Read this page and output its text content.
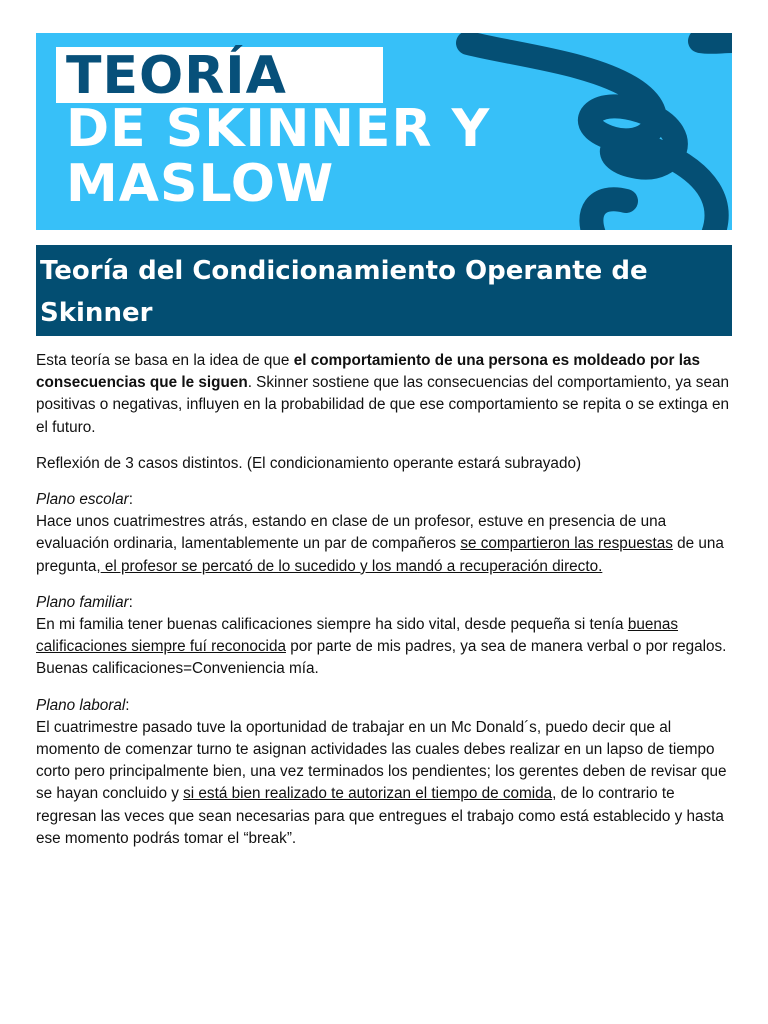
TEORÍA
DE SKINNER Y
MASLOW
Teoría del Condicionamiento Operante de Skinner

Esta teoría se basa en la idea de que el comportamiento de una persona es moldeado por las consecuencias que le siguen. Skinner sostiene que las consecuencias del comportamiento, ya sean positivas o negativas, influyen en la probabilidad de que ese comportamiento se repita o se extinga en el futuro.

Reflexión de 3 casos distintos. (El condicionamiento operante estará subrayado)

Plano escolar:
Hace unos cuatrimestres atrás, estando en clase de un profesor, estuve en presencia de una evaluación ordinaria, lamentablemente un par de compañeros se compartieron las respuestas de una pregunta, el profesor se percató de lo sucedido y los mandó a recuperación directo.

Plano familiar:
En mi familia tener buenas calificaciones siempre ha sido vital, desde pequeña si tenía buenas calificaciones siempre fuí reconocida por parte de mis padres, ya sea de manera verbal o por regalos.
Buenas calificaciones=Conveniencia mía.

Plano laboral:
El cuatrimestre pasado tuve la oportunidad de trabajar en un Mc Donald´s, puedo decir que al momento de comenzar turno te asignan actividades las cuales debes realizar en un lapso de tiempo corto pero principalmente bien, una vez terminados los pendientes; los gerentes deben de revisar que se hayan concluido y si está bien realizado te autorizan el tiempo de comida, de lo contrario te regresan las veces que sean necesarias para que entregues el trabajo como está establecido y hasta ese momento podrás tomar el “break”.
